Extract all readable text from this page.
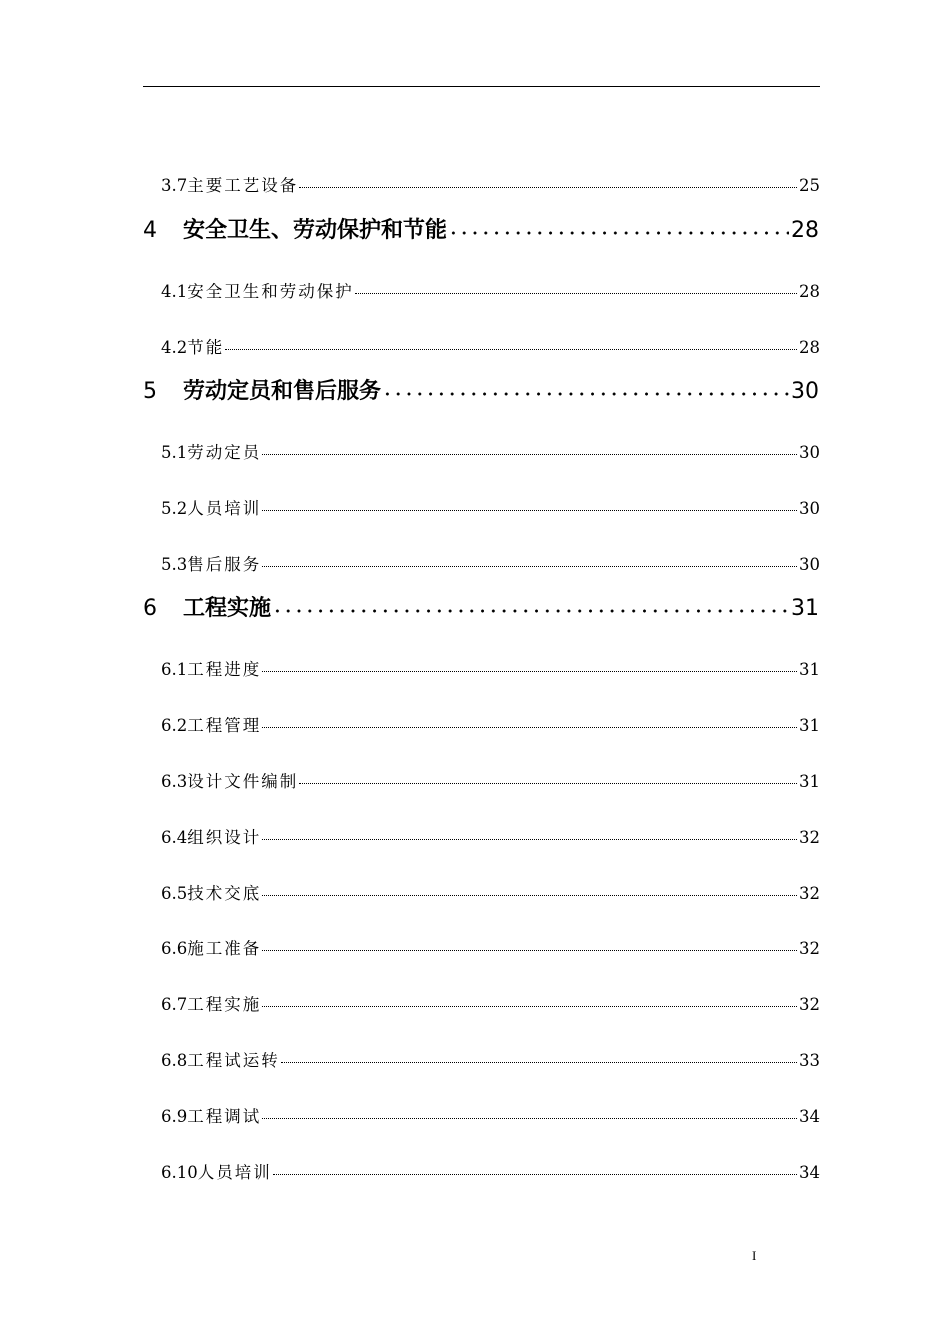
3.7 主要工艺设备	25
4	安全卫生、劳动保护和节能	28
4.1 安全卫生和劳动保护	28
4.2 节能	28
5	劳动定员和售后服务	30
5.1 劳动定员	30
5.2 人员培训	30
5.3 售后服务	30
6	工程实施	31
6.1 工程进度	31
6.2 工程管理	31
6.3 设计文件编制	31
6.4 组织设计	32
6.5 技术交底	32
6.6 施工准备	32
6.7 工程实施	32
6.8 工程试运转	33
6.9 工程调试	34
6.10 人员培训	34
I
